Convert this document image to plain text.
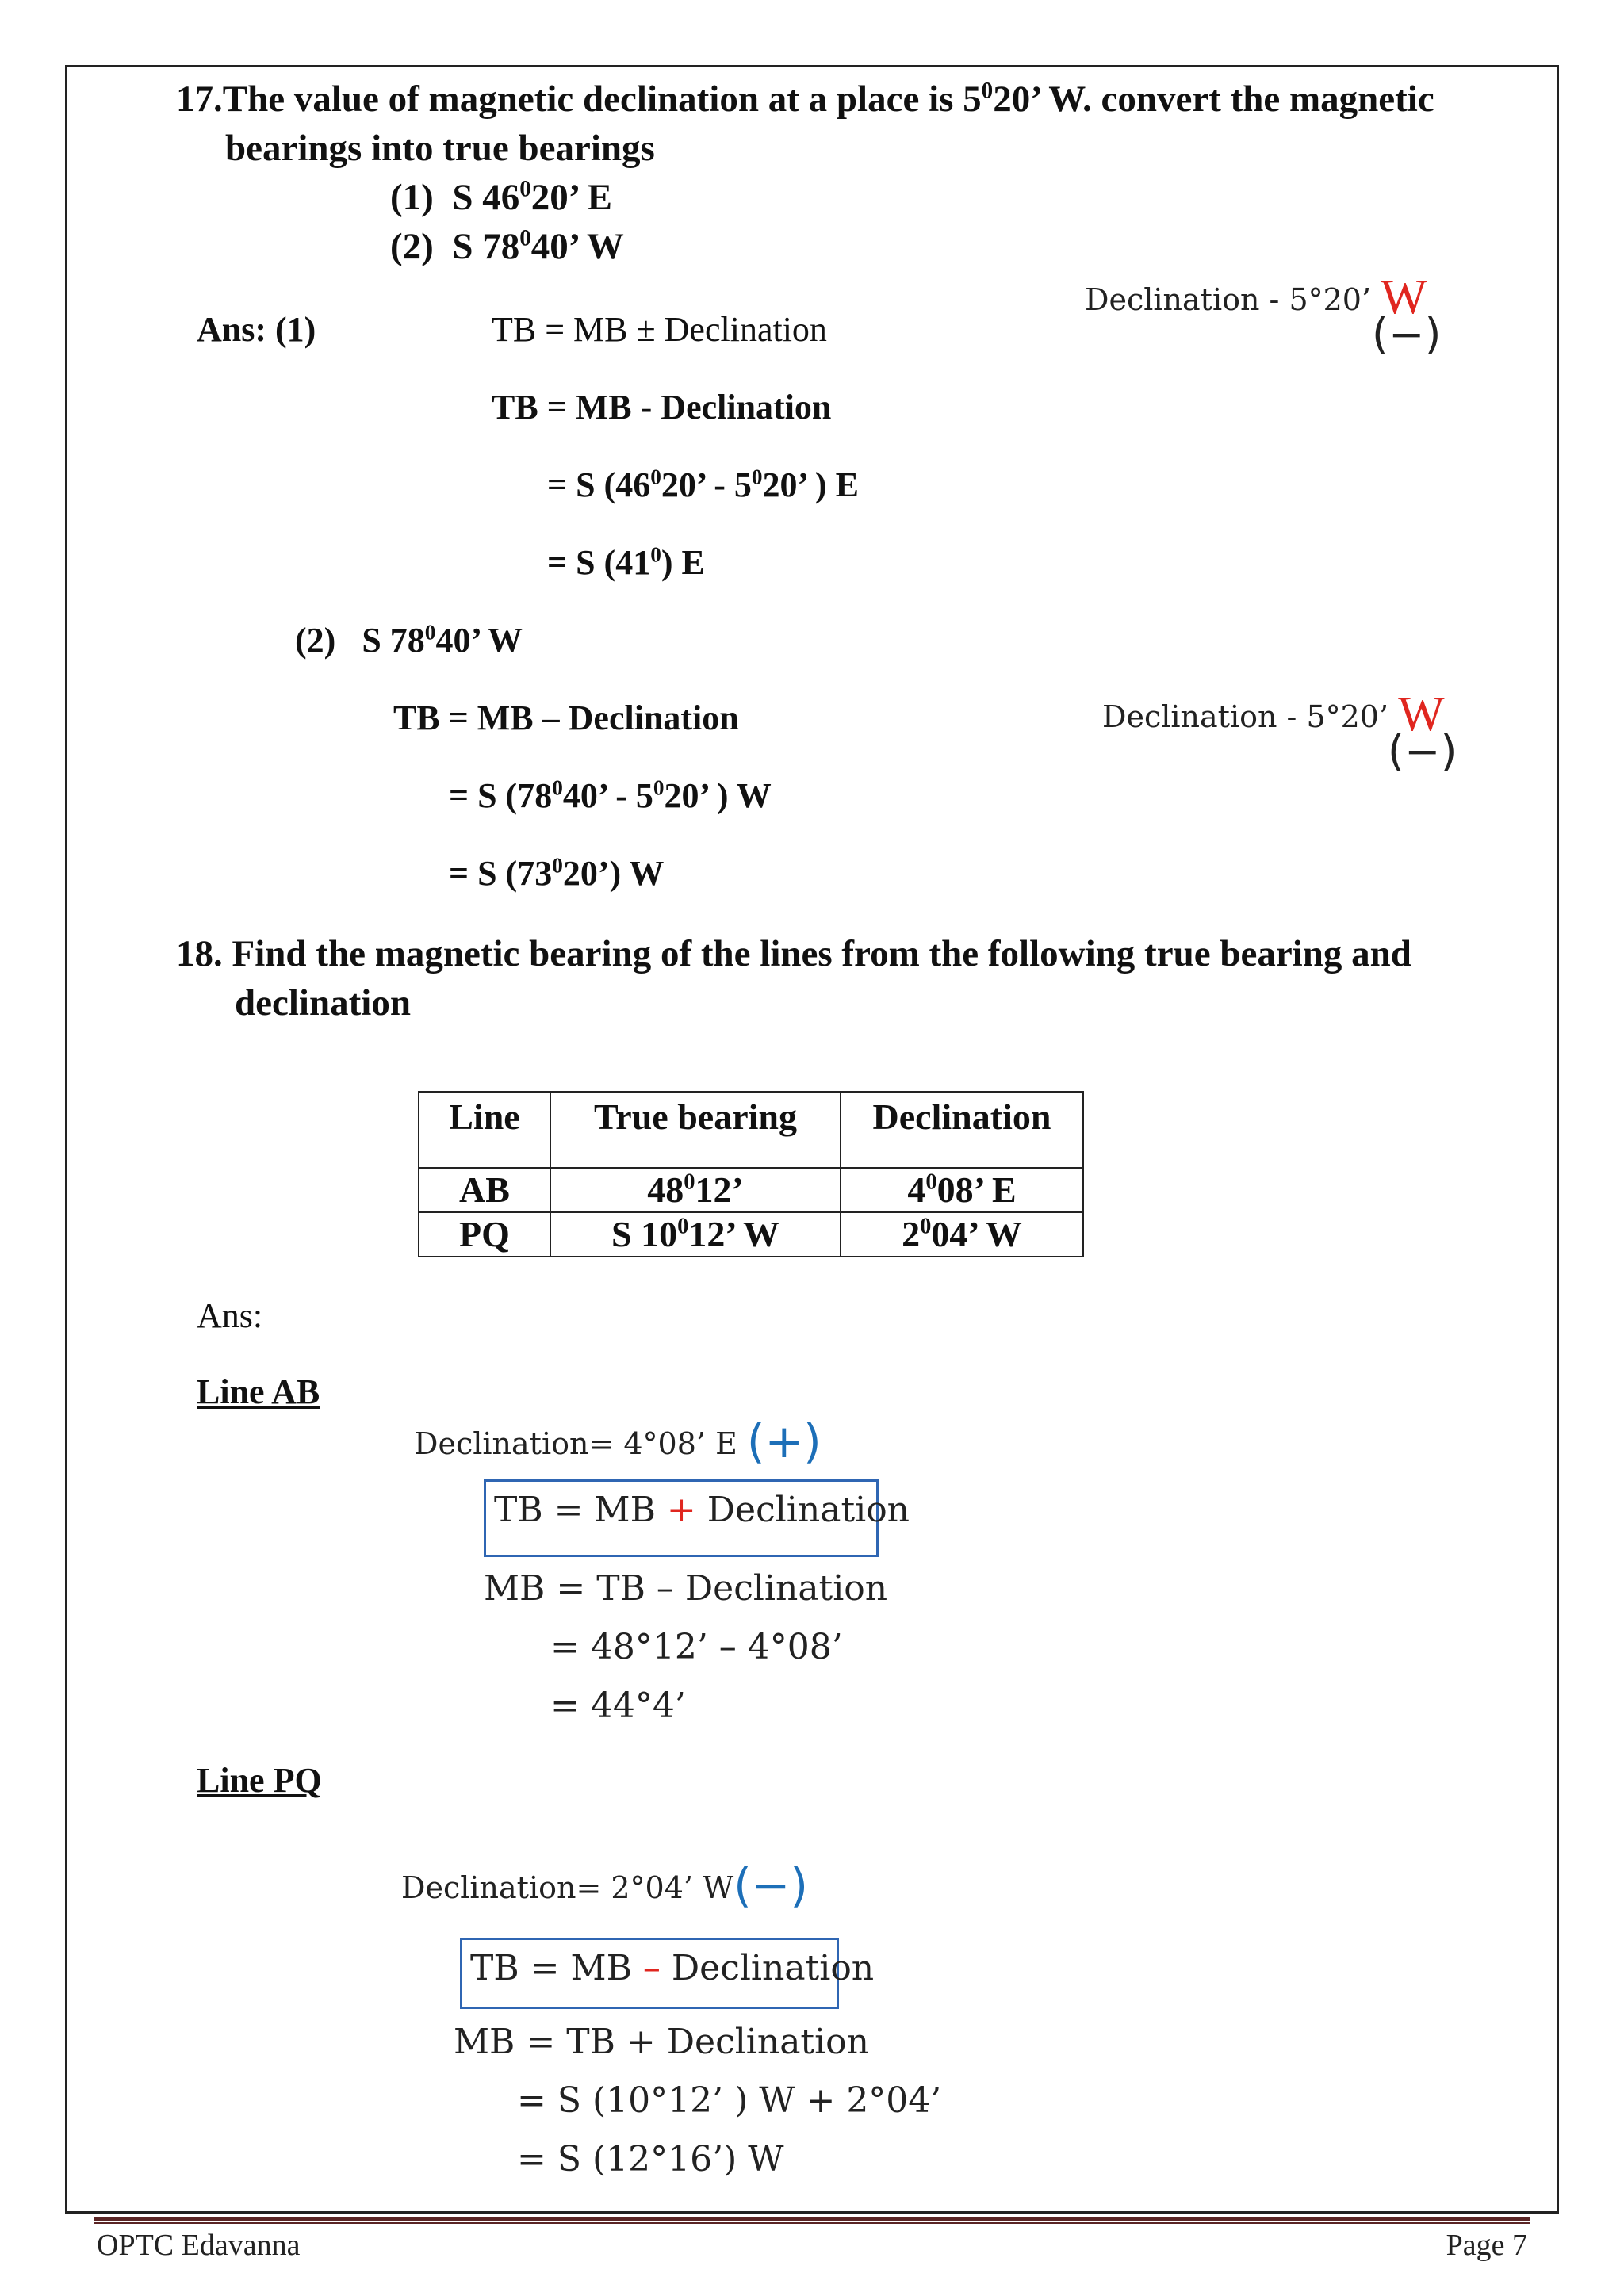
17.The value of magnetic declination at a place is $5^020$’ W. convert the magnetic
bearings into true bearings
(1) S $46^020$’ E
(2) S $78^040$’ W
Declination - 5°20’ W
(−)
Ans: (1)	TB = MB ± Declination
TB = MB - Declination
= S ($46^020$’ - $5^020$’ ) E
= S $(41^0)$ E
(2) S $78^040$’ W
Declination - 5°20’ W
(−)
TB = MB – Declination
= S ($78^040$’ - $5^020$’ ) W
= S $(73^020’)$ W
18. Find the magnetic bearing of the lines from the following true bearing and
declination
Line	True bearing	Declination
AB	$48^012$’	$4^008$’ E
PQ	S $10^012$’ W	$2^004$’ W
Ans:
Line AB
Declination= 4°08’ E (+)
TB = MB + Declination
MB = TB – Declination
= 48°12’ – 4°08’
= 44°4’
Line PQ
Declination= 2°04’ W(−)
TB = MB – Declination
MB = TB + Declination
= S (10°12’ ) W + 2°04’
= S (12°16’) W
OPTC Edavanna	Page 7
